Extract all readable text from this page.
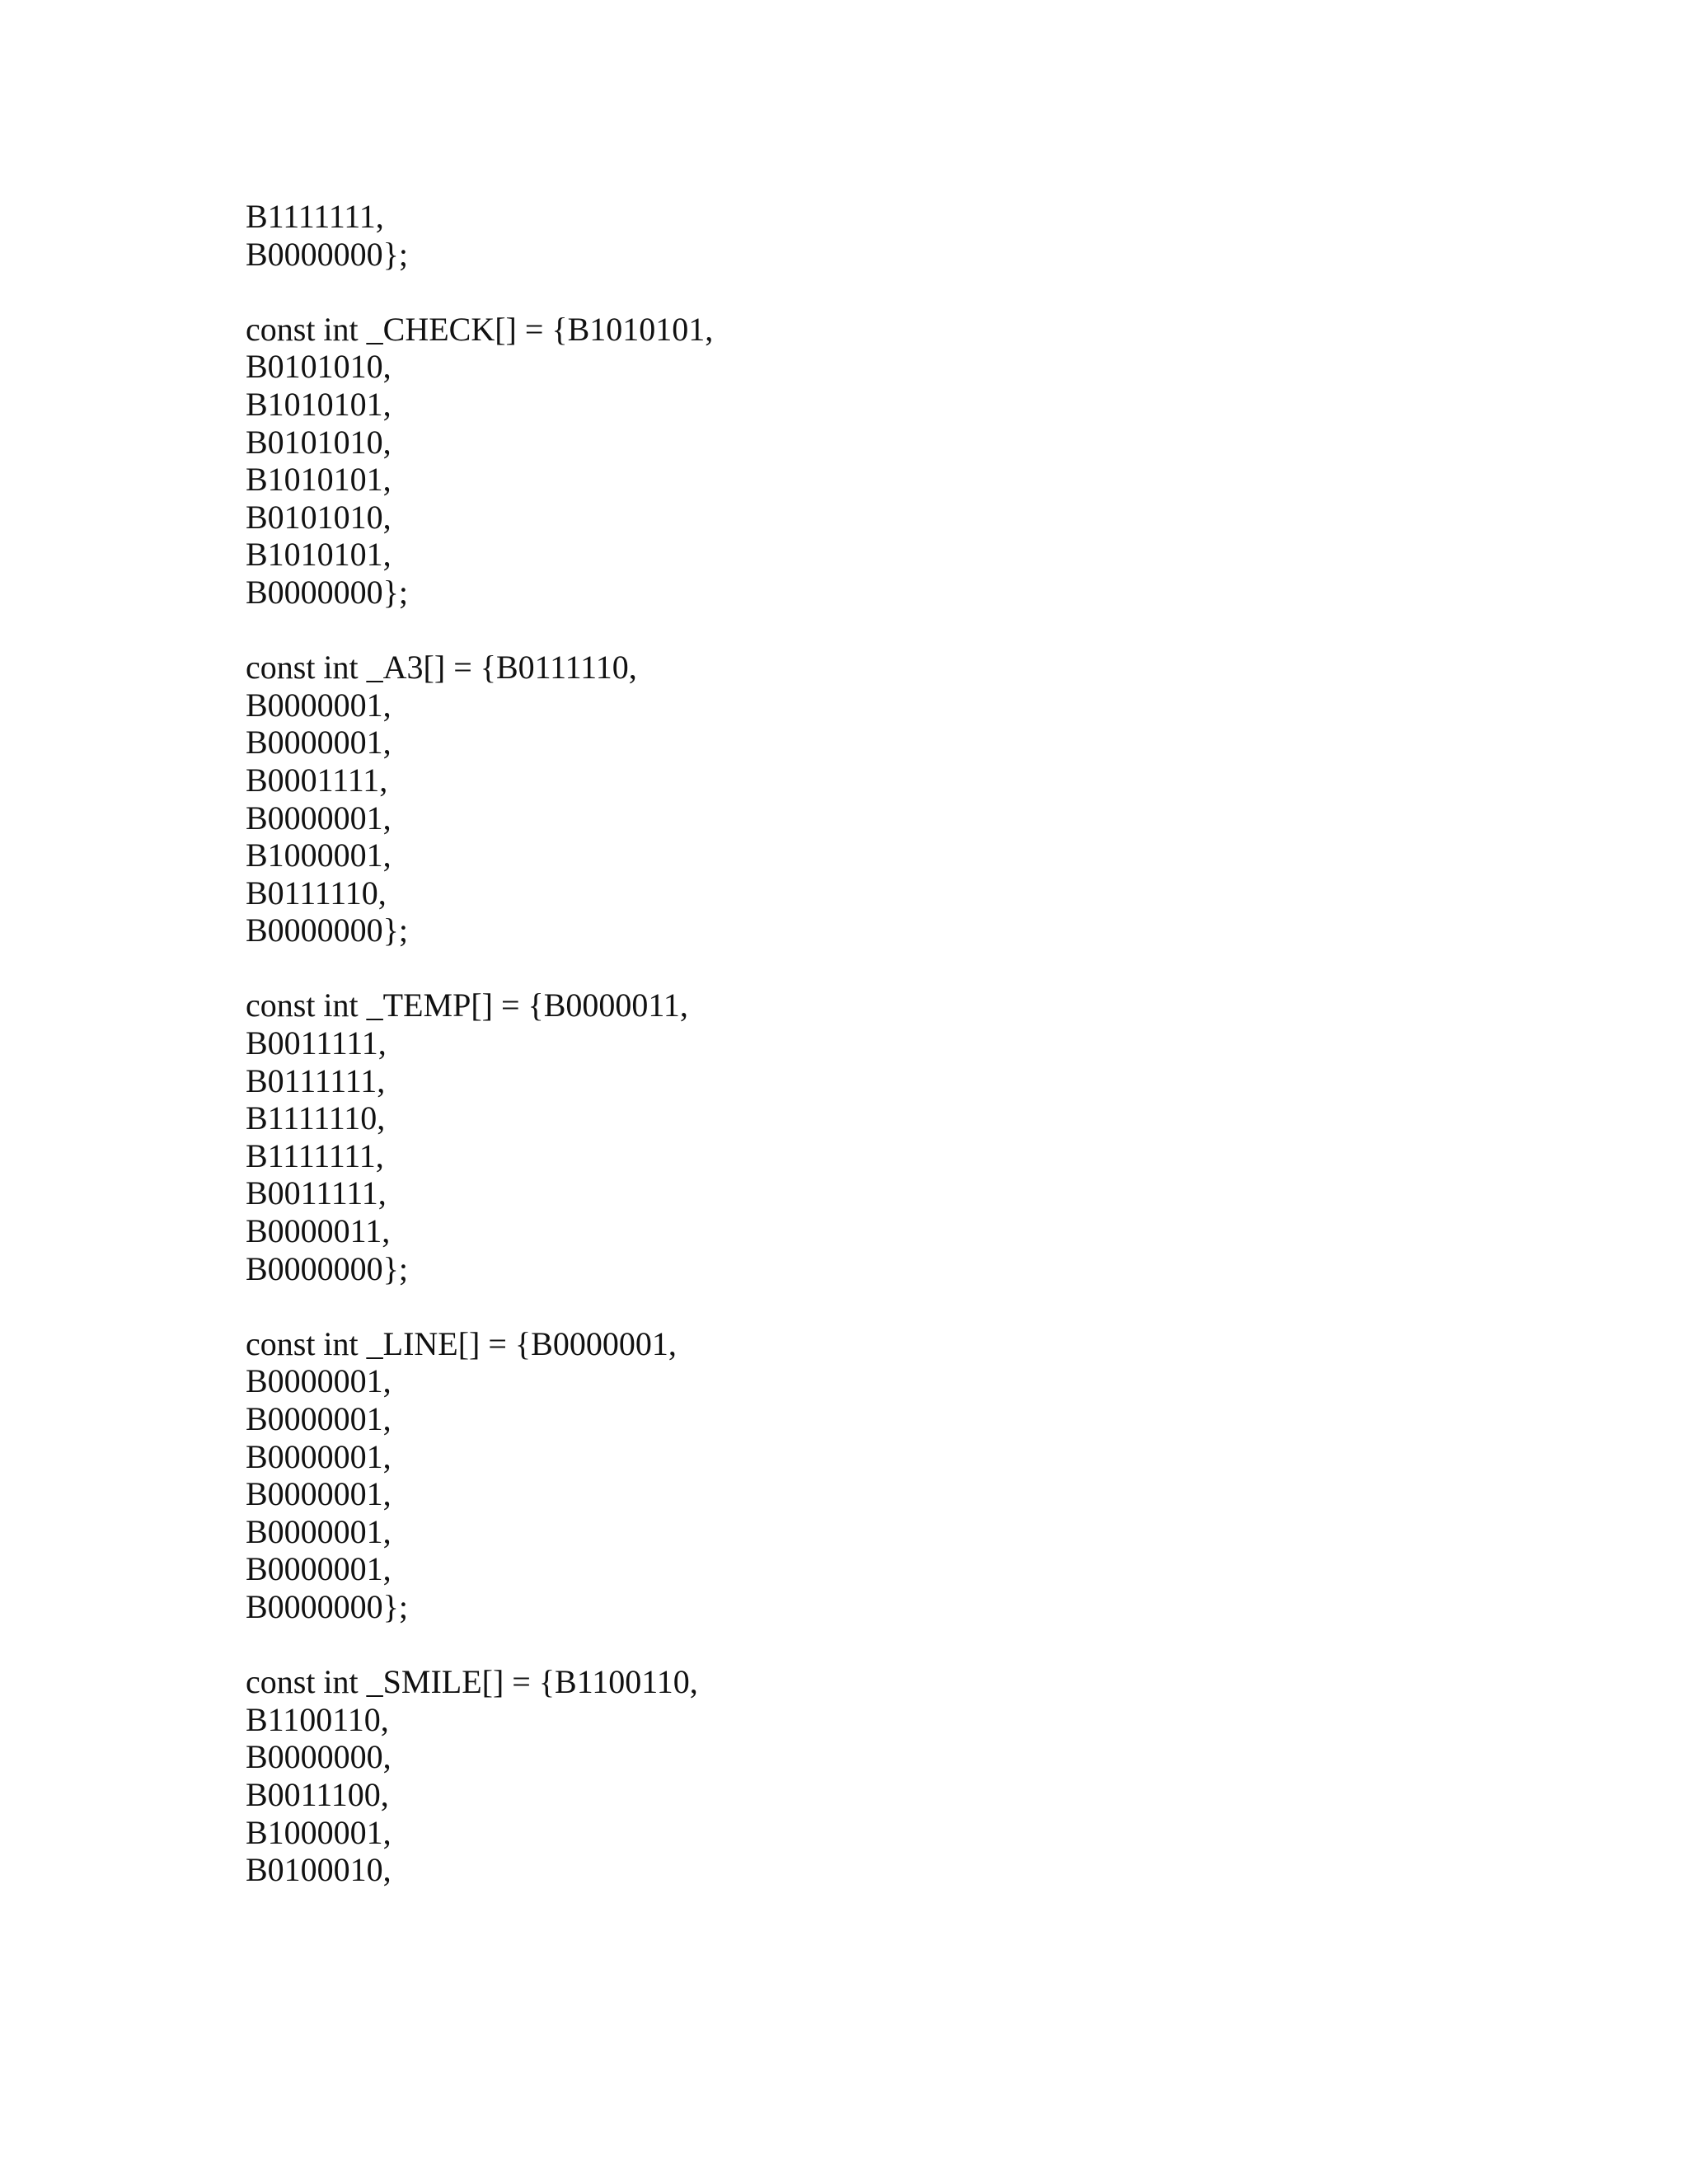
B1111111,
B0000000};
const int _CHECK[] = {B1010101,
B0101010,
B1010101,
B0101010,
B1010101,
B0101010,
B1010101,
B0000000};
const int _A3[] = {B0111110,
B0000001,
B0000001,
B0001111,
B0000001,
B1000001,
B0111110,
B0000000};
const int _TEMP[] = {B0000011,
B0011111,
B0111111,
B1111110,
B1111111,
B0011111,
B0000011,
B0000000};
const int _LINE[] = {B0000001,
B0000001,
B0000001,
B0000001,
B0000001,
B0000001,
B0000001,
B0000000};
const int _SMILE[] = {B1100110,
B1100110,
B0000000,
B0011100,
B1000001,
B0100010,
